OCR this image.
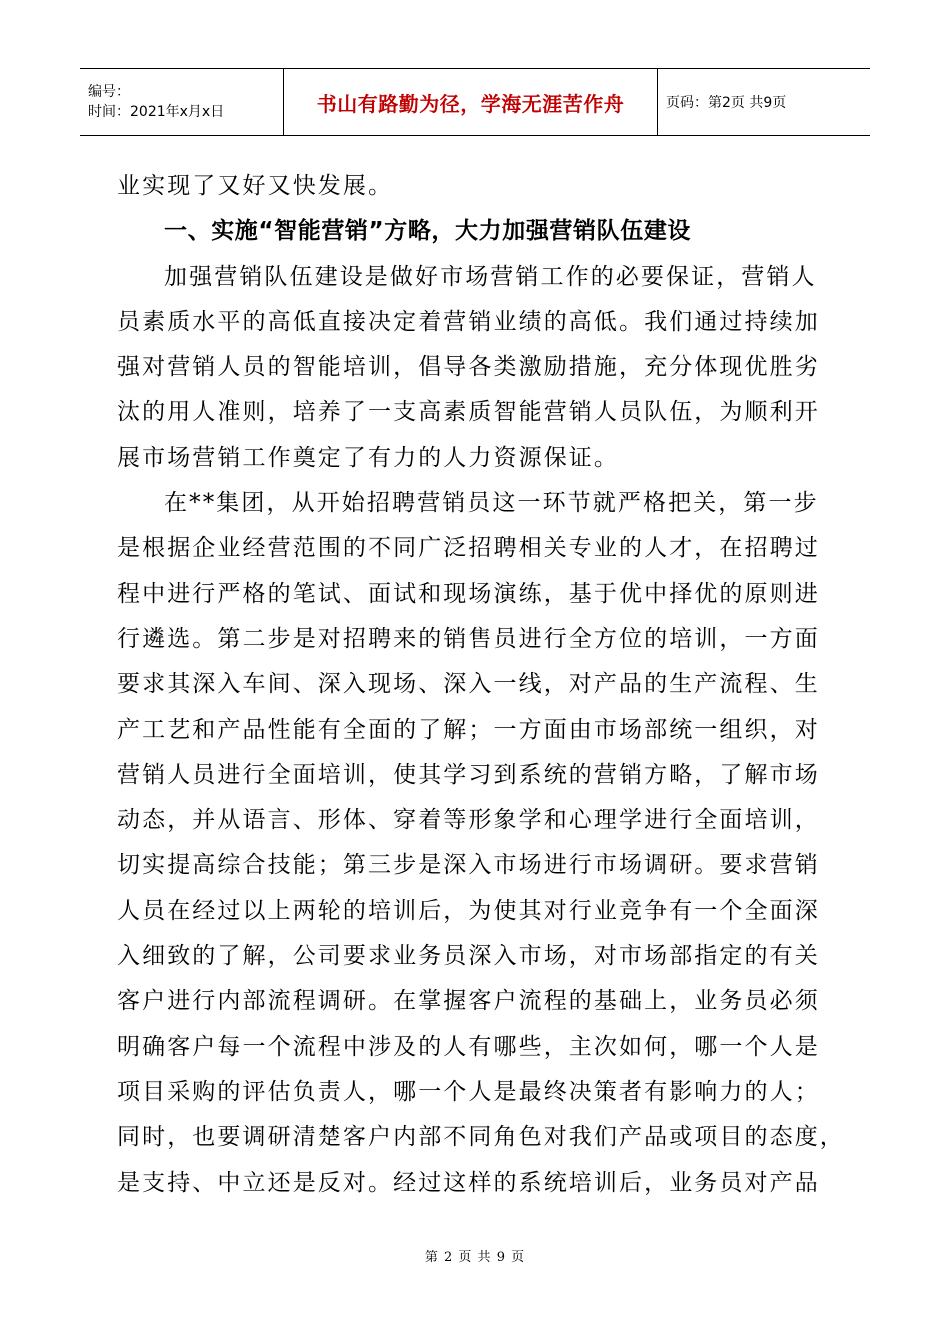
编号：
时间：2021年x月x日	书山有路勤为径，学海无涯苦作舟	页码：第2页 共9页
业实现了又好又快发展。
一、实施“智能营销”方略，大力加强营销队伍建设
加强营销队伍建设是做好市场营销工作的必要保证，营销人
员素质水平的高低直接决定着营销业绩的高低。我们通过持续加
强对营销人员的智能培训，倡导各类激励措施，充分体现优胜劣
汰的用人准则，培养了一支高素质智能营销人员队伍，为顺利开
展市场营销工作奠定了有力的人力资源保证。
在**集团，从开始招聘营销员这一环节就严格把关，第一步
是根据企业经营范围的不同广泛招聘相关专业的人才，在招聘过
程中进行严格的笔试、面试和现场演练，基于优中择优的原则进
行遴选。第二步是对招聘来的销售员进行全方位的培训，一方面
要求其深入车间、深入现场、深入一线，对产品的生产流程、生
产工艺和产品性能有全面的了解；一方面由市场部统一组织，对
营销人员进行全面培训，使其学习到系统的营销方略，了解市场
动态，并从语言、形体、穿着等形象学和心理学进行全面培训，
切实提高综合技能；第三步是深入市场进行市场调研。要求营销
人员在经过以上两轮的培训后，为使其对行业竞争有一个全面深
入细致的了解，公司要求业务员深入市场，对市场部指定的有关
客户进行内部流程调研。在掌握客户流程的基础上，业务员必须
明确客户每一个流程中涉及的人有哪些，主次如何，哪一个人是
项目采购的评估负责人，哪一个人是最终决策者有影响力的人；
同时，也要调研清楚客户内部不同角色对我们产品或项目的态度，
是支持、中立还是反对。经过这样的系统培训后，业务员对产品
第 2 页 共 9 页
